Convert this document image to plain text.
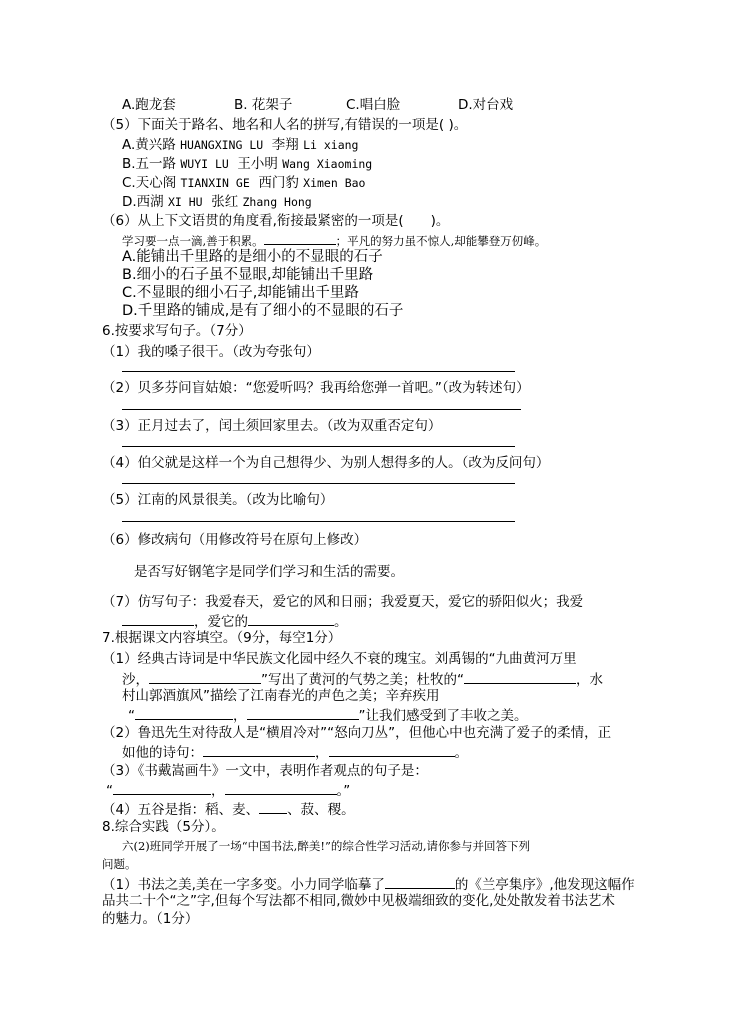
A.跑龙套	B. 花架子	C.唱白脸	D.对台戏
（5）下面关于路名、地名和人名的拼写,有错误的一项是( )。
A.黄兴路 HUANGXING LU 李翔 Li xiang
B.五一路 WUYI LU 王小明 Wang Xiaoming
C.天心阁 TIANXIN GE 西门豹 Ximen Bao
D.西湖 XI HU 张红 Zhang Hong
（6）从上下文语贯的角度看,衔接最紧密的一项是(　　)。
学习要一点一滴,善于积累。	；平凡的努力虽不惊人,却能攀登万仞峰。
A.能铺出千里路的是细小的不显眼的石子
B.细小的石子虽不显眼,却能铺出千里路
C.不显眼的细小石子,却能铺出千里路
D.千里路的铺成,是有了细小的不显眼的石子
6.按要求写句子。（7分）
（1）我的嗓子很干。（改为夸张句）
（2）贝多芬问盲姑娘：“您爱听吗？我再给您弹一首吧。”（改为转述句）
（3）正月过去了，闰土须回家里去。（改为双重否定句）
（4）伯父就是这样一个为自己想得少、为别人想得多的人。（改为反问句）
（5）江南的风景很美。（改为比喻句）
（6）修改病句（用修改符号在原句上修改）
是否写好钢笔字是同学们学习和生活的需要。
（7）仿写句子：我爱春天，爱它的风和日丽；我爱夏天，爱它的骄阳似火；我爱
，爱它的	。
7.根据课文内容填空。（9分，每空1分）
（1）经典古诗词是中华民族文化园中经久不衰的瑰宝。刘禹锡的“九曲黄河万里
沙，	”写出了黄河的气势之美；杜牧的“	，水
村山郭酒旗风”描绘了江南春光的声色之美；辛弃疾用
“	，	”让我们感受到了丰收之美。
（2）鲁迅先生对待敌人是“横眉冷对”“怒向刀丛”，但他心中也充满了爱子的柔情，正
如他的诗句：	，	。
（3）《书戴嵩画牛》一文中，表明作者观点的句子是：
“	，	。”
（4）五谷是指：稻、麦、 、菽、稷。
8.综合实践（5分）。
六(2)班同学开展了一场“中国书法,醉美!”的综合性学习活动,请你参与并回答下列
问题。
（1）书法之美,美在一字多变。小力同学临摹了	的《兰亭集序》,他发现这幅作
品共二十个“之”字,但每个写法都不相同,微妙中见极端细致的变化,处处散发着书法艺术
的魅力。（1分）
